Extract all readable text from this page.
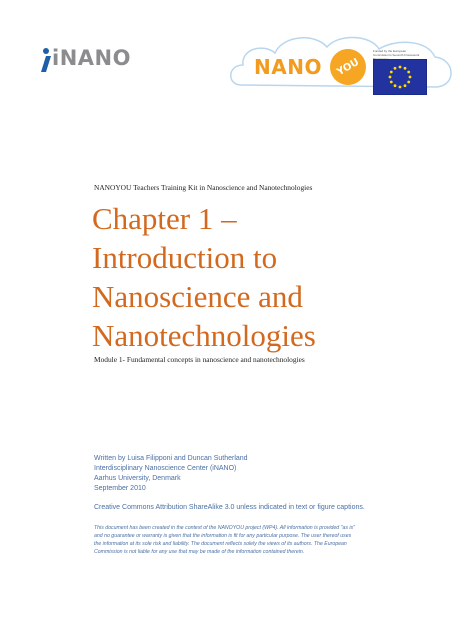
iNANO	NANO YOU
Funded by the European Commission's Seventh Framework
NANOYOU Teachers Training Kit in Nanoscience and Nanotechnologies
Chapter 1 –
Introduction to
Nanoscience and
Nanotechnologies
Module 1- Fundamental concepts in nanoscience and nanotechnologies
Written by Luisa Filipponi and Duncan Sutherland
Interdisciplinary Nanoscience Center (iNANO)
Aarhus University, Denmark
September 2010
Creative Commons Attribution ShareAlike 3.0 unless indicated in text or figure captions.
This document has been created in the context of the NANOYOU project (WP4). All information is provided "as is"
and no guarantee or warranty is given that the information is fit for any particular purpose. The user thereof uses
the information at its sole risk and liability. The document reflects solely the views of its authors. The European
Commission is not liable for any use that may be made of the information contained therein.
